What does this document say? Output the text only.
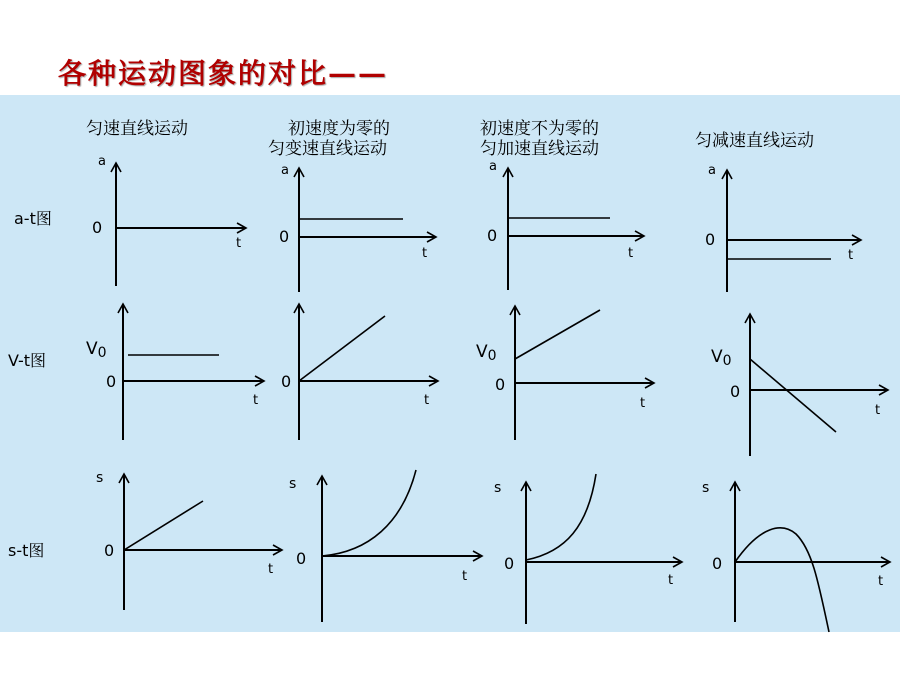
各种运动图象的对比——
匀速直线运动	初速度为零的
匀变速直线运动
初速度不为零的
匀加速直线运动	匀减速直线运动
a-t图
V-t图
s-t图
a
0
t
a
0
t
a
0
t
a
0
t
V0
0
t
0
t
V0
0
t
V0
0
t
s
0
t
s
0
t
s
0
t
s
0
t
